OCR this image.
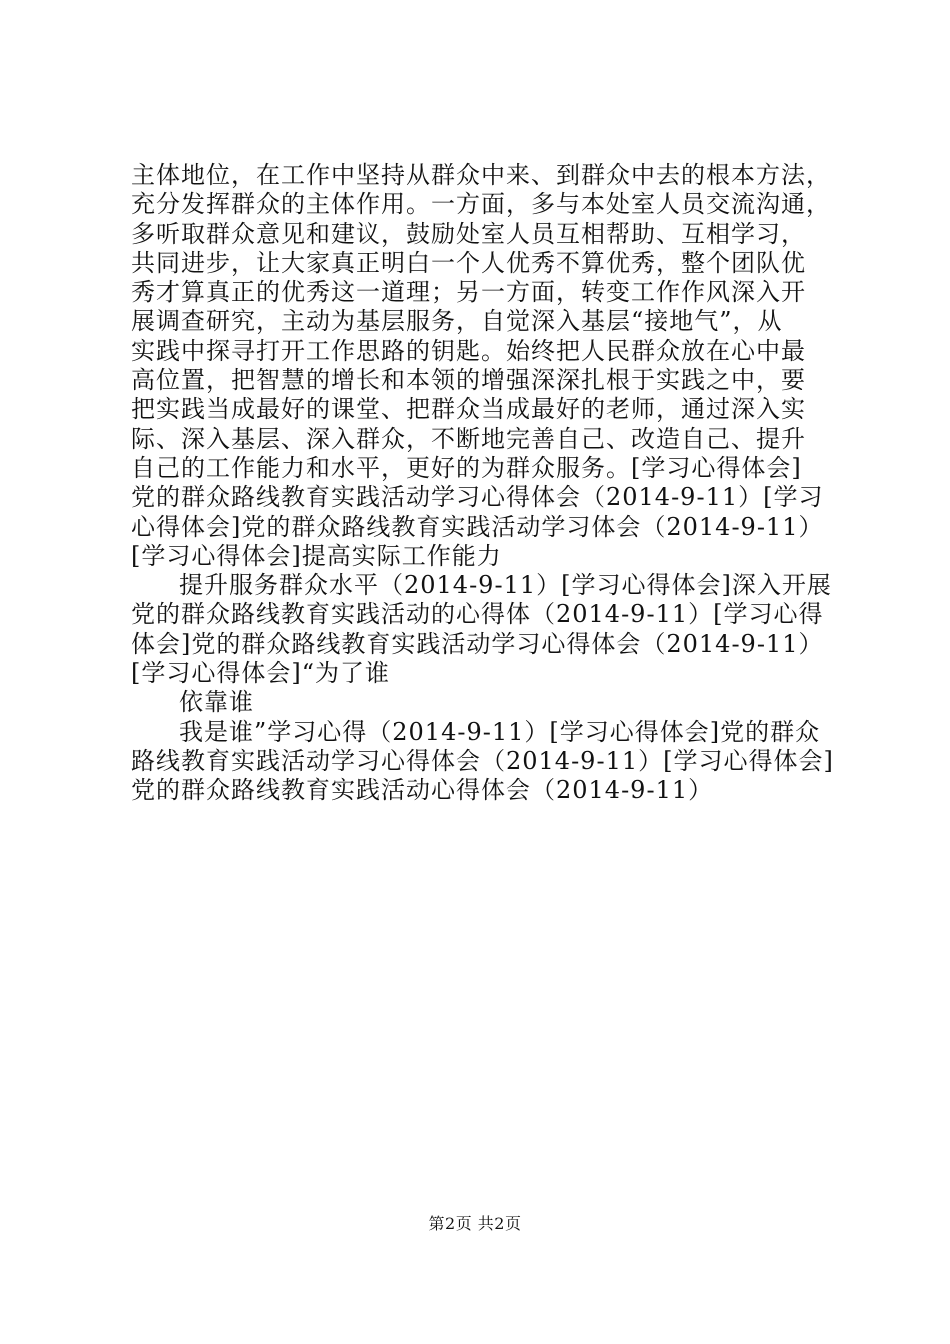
主体地位，在工作中坚持从群众中来、到群众中去的根本方法，
充分发挥群众的主体作用。一方面，多与本处室人员交流沟通，
多听取群众意见和建议，鼓励处室人员互相帮助、互相学习，
共同进步，让大家真正明白一个人优秀不算优秀，整个团队优
秀才算真正的优秀这一道理；另一方面，转变工作作风深入开
展调查研究，主动为基层服务，自觉深入基层“接地气”，从
实践中探寻打开工作思路的钥匙。始终把人民群众放在心中最
高位置，把智慧的增长和本领的增强深深扎根于实践之中，要
把实践当成最好的课堂、把群众当成最好的老师，通过深入实
际、深入基层、深入群众，不断地完善自己、改造自己、提升
自己的工作能力和水平，更好的为群众服务。[学习心得体会]
党的群众路线教育实践活动学习心得体会（2014-9-11）[学习
心得体会]党的群众路线教育实践活动学习体会（2014-9-11）
[学习心得体会]提高实际工作能力
提升服务群众水平（2014-9-11）[学习心得体会]深入开展
党的群众路线教育实践活动的心得体（2014-9-11）[学习心得
体会]党的群众路线教育实践活动学习心得体会（2014-9-11）
[学习心得体会]“为了谁
依靠谁
我是谁”学习心得（2014-9-11）[学习心得体会]党的群众
路线教育实践活动学习心得体会（2014-9-11）[学习心得体会]
党的群众路线教育实践活动心得体会（2014-9-11）
第2页 共2页
